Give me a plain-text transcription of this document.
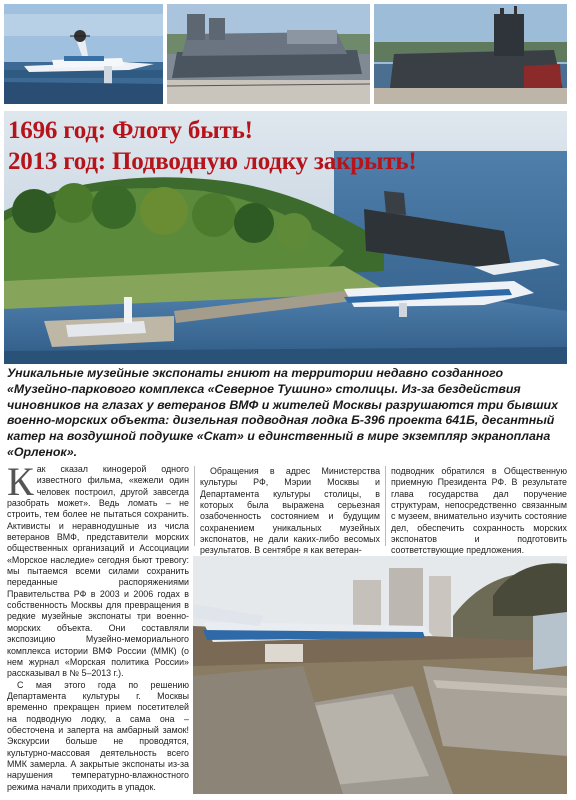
1696 год: Флоту быть!
2013 год: Подводную лодку закрыть!

Уникальные музейные экспонаты гниют на территории недавно созданного «Музейно-паркового комплекса «Северное Тушино» столицы. Из-за бездействия чиновников на глазах у ветеранов ВМФ и жителей Москвы разрушаются три бывших военно-морских объекта: дизельная подводная лодка Б-396 проекта 641Б, десантный катер на воздушной подушке «Скат» и единственный в мире экземпляр экраноплана «Орленок».

К ак сказал кинogeрой одного известного фильма, «кежели один человек построил, другой завсегда разобрать может». Ведь ломать – не строить, тем более не пытаться сохранить. Активисты и неравнодушные из числа ветеранов ВМФ, представители морских общественных организаций и Ассоциации «Морское наследие» сегодня бьют тревогу: мы пытаемся всеми силами сохранить переданные распоряжениями Правительства РФ в 2003 и 2006 годах в собственность Москвы для превращения в редкие музейные экспонаты три военно-морских объекта. Они составляли экспозицию Музейно-мемориального комплекса истории ВМФ России (ММК) (о нем журнал «Морская политика России» рассказывал в № 5–2013 г.).

С мая этого года по решению Департамента культуры г. Москвы временно прекращен прием посетителей на подводную лодку, а сама она – обесточена и заперта на амбарный замок! Экскурсии больше не проводятся, культурно-массовая деятельность всего ММК замерла. А закрытые экспонаты из-за нарушения температурно-влажностного режима начали приходить в упадок.

Обращения в адрес Министерства культуры РФ, Мэрии Москвы и Департамента культуры столицы, в которых была выражена серьезная озабоченность состоянием и будущим сохранением уникальных музейных экспонатов, не дали каких-либо весомых результатов. В сентябре я как ветеран-

подводник обратился в Общественную приемную Президента РФ. В результате глава государства дал поручение структурам, непосредственно связанным с музеем, внимательно изучить состояние дел, обеспечить сохранность морских экспонатов и подготовить соответствующие предложения.
